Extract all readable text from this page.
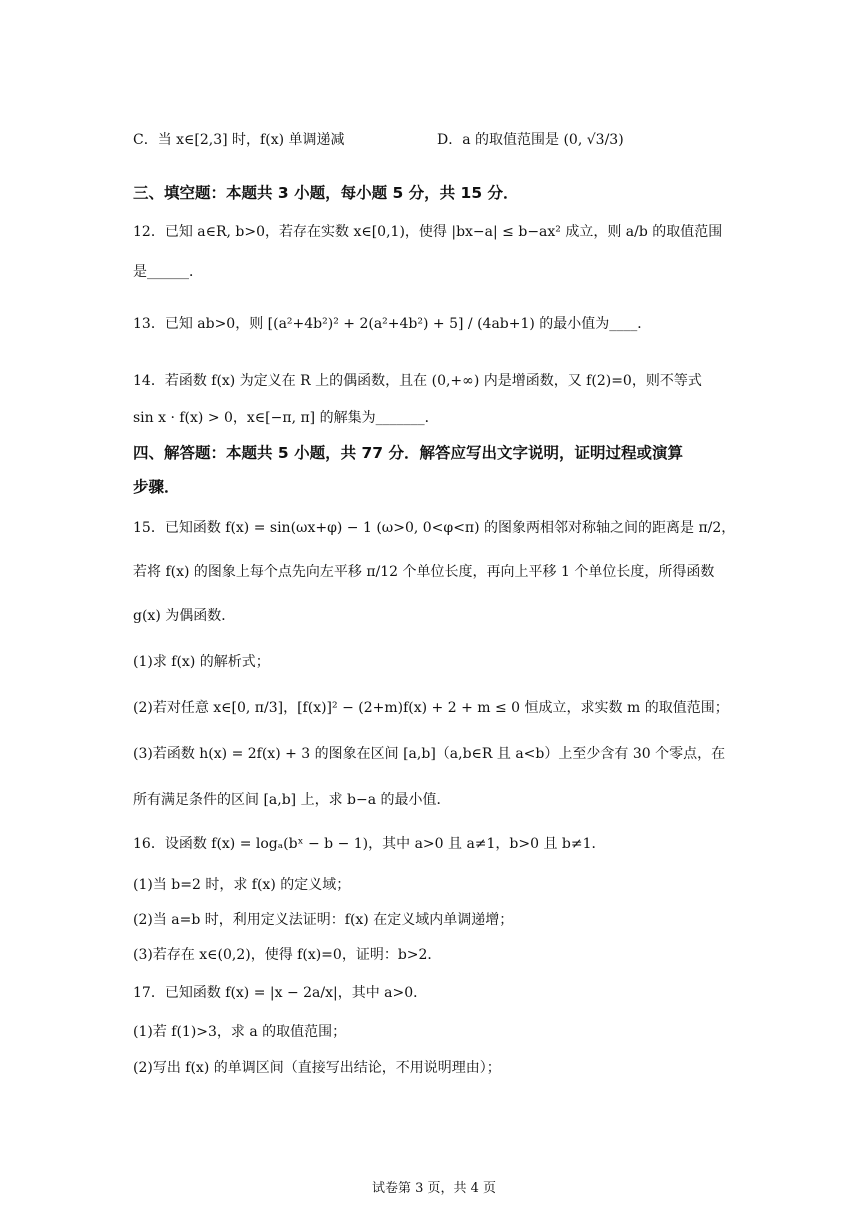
C．当 x∈[2,3] 时，f(x) 单调递减	D．a 的取值范围是 (0, √3/3)
三、填空题：本题共 3 小题，每小题 5 分，共 15 分．
12．已知 a∈R, b>0，若存在实数 x∈[0,1)，使得 |bx−a| ≤ b−ax² 成立，则 a/b 的取值范围
是______．
13．已知 ab>0，则 [(a²+4b²)² + 2(a²+4b²) + 5] / (4ab+1) 的最小值为____．
14．若函数 f(x) 为定义在 R 上的偶函数，且在 (0,+∞) 内是增函数，又 f(2)=0，则不等式
sin x · f(x) > 0，x∈[−π, π] 的解集为_______．
四、解答题：本题共 5 小题，共 77 分．解答应写出文字说明，证明过程或演算
步骤．
15．已知函数 f(x) = sin(ωx+φ) − 1 (ω>0, 0<φ<π) 的图象两相邻对称轴之间的距离是 π/2，
若将 f(x) 的图象上每个点先向左平移 π/12 个单位长度，再向上平移 1 个单位长度，所得函数
g(x) 为偶函数．
(1)求 f(x) 的解析式；
(2)若对任意 x∈[0, π/3]，[f(x)]² − (2+m)f(x) + 2 + m ≤ 0 恒成立，求实数 m 的取值范围；
(3)若函数 h(x) = 2f(x) + 3 的图象在区间 [a,b]（a,b∈R 且 a<b）上至少含有 30 个零点，在
所有满足条件的区间 [a,b] 上，求 b−a 的最小值．
16．设函数 f(x) = logₐ(bˣ − b − 1)，其中 a>0 且 a≠1，b>0 且 b≠1．
(1)当 b=2 时，求 f(x) 的定义域；
(2)当 a=b 时，利用定义法证明：f(x) 在定义域内单调递增；
(3)若存在 x∈(0,2)，使得 f(x)=0，证明：b>2．
17．已知函数 f(x) = |x − 2a/x|，其中 a>0．
(1)若 f(1)>3，求 a 的取值范围；
(2)写出 f(x) 的单调区间（直接写出结论，不用说明理由）；
试卷第 3 页，共 4 页
